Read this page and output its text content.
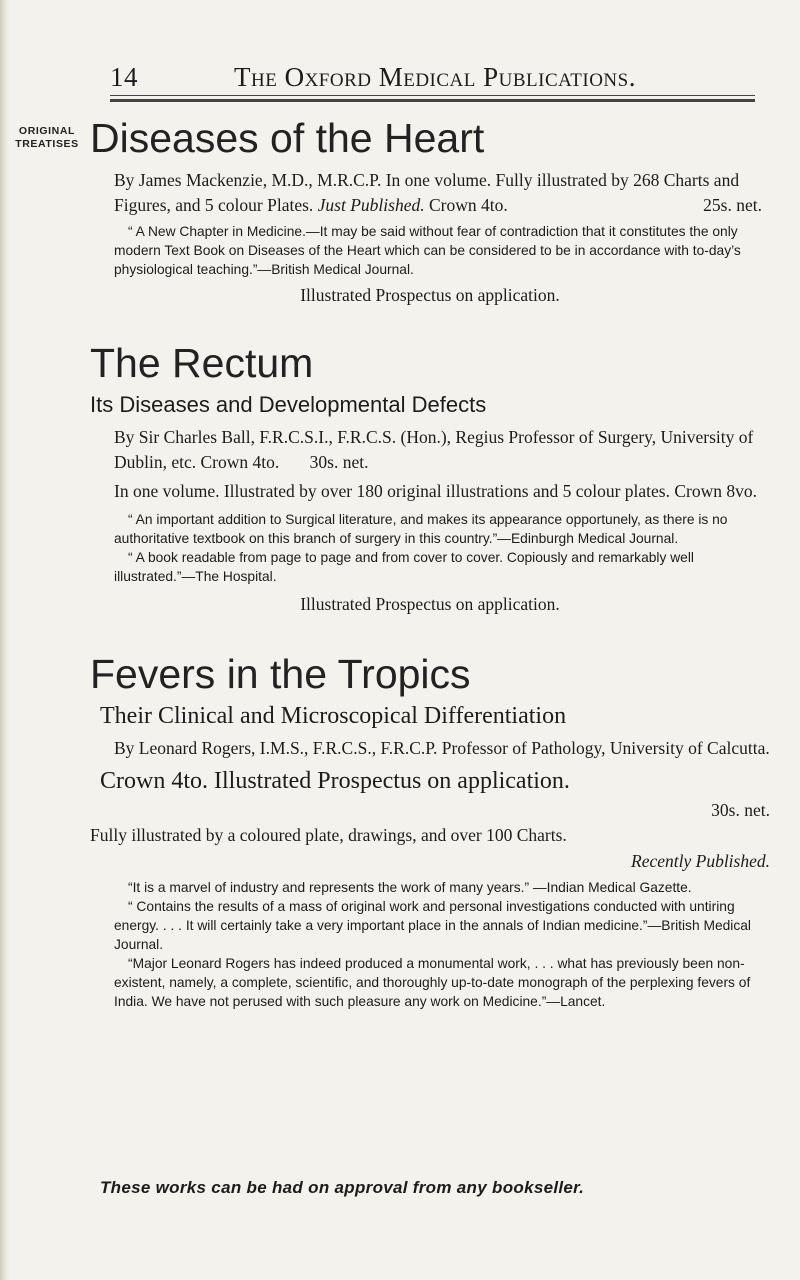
14	The Oxford Medical Publications.
ORIGINAL
TREATISES Diseases of the Heart

By James Mackenzie, M.D., M.R.C.P. In one volume. Fully illustrated by 268 Charts and Figures, and 5 colour Plates. Just Published. Crown 4to.	25s. net.

“ A New Chapter in Medicine.—It may be said without fear of contradiction that it constitutes the only modern Text Book on Diseases of the Heart which can be considered to be in accordance with to-day’s physiological teaching.”—British Medical Journal.

Illustrated Prospectus on application.

The Rectum

Its Diseases and Developmental Defects

By Sir Charles Ball, F.R.C.S.I., F.R.C.S. (Hon.), Regius Professor of Surgery, University of Dublin, etc. Crown 4to. 30s. net.

In one volume. Illustrated by over 180 original illustrations and 5 colour plates. Crown 8vo.

“ An important addition to Surgical literature, and makes its appearance opportunely, as there is no authoritative textbook on this branch of surgery in this country.”—Edinburgh Medical Journal.

“ A book readable from page to page and from cover to cover. Copiously and remarkably well illustrated.”—The Hospital.

Illustrated Prospectus on application.

Fevers in the Tropics

Their Clinical and Microscopical Differentiation

By Leonard Rogers, I.M.S., F.R.C.S., F.R.C.P. Professor of Pathology, University of Calcutta.

Crown 4to. Illustrated Prospectus on application.

30s. net.

Fully illustrated by a coloured plate, drawings, and over 100 Charts.

Recently Published.

“It is a marvel of industry and represents the work of many years.” —Indian Medical Gazette.

“ Contains the results of a mass of original work and personal investigations conducted with untiring energy. . . . It will certainly take a very important place in the annals of Indian medicine.”—British Medical Journal.

“Major Leonard Rogers has indeed produced a monumental work, . . . what has previously been non-existent, namely, a complete, scientific, and thoroughly up-to-date monograph of the perplexing fevers of India. We have not perused with such pleasure any work on Medicine.”—Lancet.

These works can be had on approval from any bookseller.
